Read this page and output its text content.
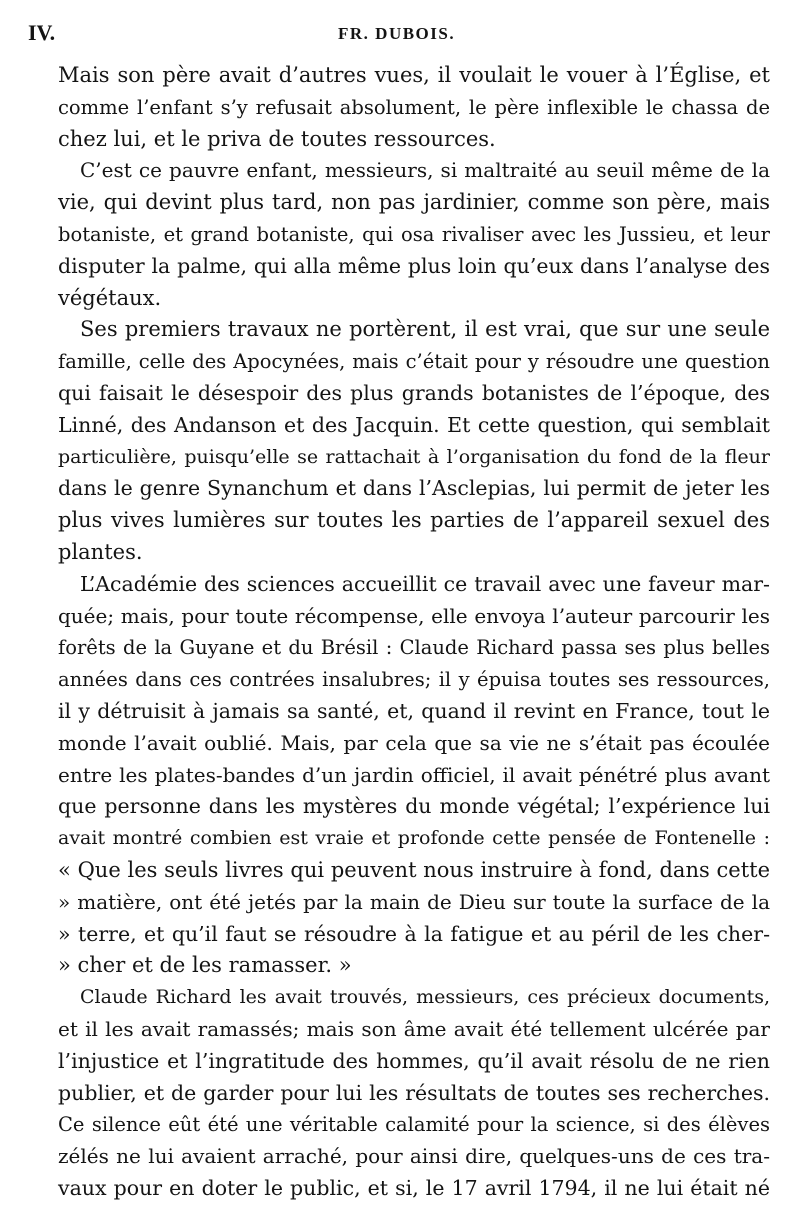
IV.	FR. DUBOIS.
Mais son père avait d’autres vues, il voulait le vouer à l’Église, et
comme l’enfant s’y refusait absolument, le père inflexible le chassa de
chez lui, et le priva de toutes ressources.
C’est ce pauvre enfant, messieurs, si maltraité au seuil même de la
vie, qui devint plus tard, non pas jardinier, comme son père, mais
botaniste, et grand botaniste, qui osa rivaliser avec les Jussieu, et leur
disputer la palme, qui alla même plus loin qu’eux dans l’analyse des
végétaux.
Ses premiers travaux ne portèrent, il est vrai, que sur une seule
famille, celle des Apocynées, mais c’était pour y résoudre une question
qui faisait le désespoir des plus grands botanistes de l’époque, des
Linné, des Andanson et des Jacquin. Et cette question, qui semblait
particulière, puisqu’elle se rattachait à l’organisation du fond de la fleur
dans le genre Synanchum et dans l’Asclepias, lui permit de jeter les
plus vives lumières sur toutes les parties de l’appareil sexuel des
plantes.
L’Académie des sciences accueillit ce travail avec une faveur mar-
quée; mais, pour toute récompense, elle envoya l’auteur parcourir les
forêts de la Guyane et du Brésil : Claude Richard passa ses plus belles
années dans ces contrées insalubres; il y épuisa toutes ses ressources,
il y détruisit à jamais sa santé, et, quand il revint en France, tout le
monde l’avait oublié. Mais, par cela que sa vie ne s’était pas écoulée
entre les plates-bandes d’un jardin officiel, il avait pénétré plus avant
que personne dans les mystères du monde végétal; l’expérience lui
avait montré combien est vraie et profonde cette pensée de Fontenelle :
« Que les seuls livres qui peuvent nous instruire à fond, dans cette
» matière, ont été jetés par la main de Dieu sur toute la surface de la
» terre, et qu’il faut se résoudre à la fatigue et au péril de les cher-
» cher et de les ramasser. »
Claude Richard les avait trouvés, messieurs, ces précieux documents,
et il les avait ramassés; mais son âme avait été tellement ulcérée par
l’injustice et l’ingratitude des hommes, qu’il avait résolu de ne rien
publier, et de garder pour lui les résultats de toutes ses recherches.
Ce silence eût été une véritable calamité pour la science, si des élèves
zélés ne lui avaient arraché, pour ainsi dire, quelques-uns de ces tra-
vaux pour en doter le public, et si, le 17 avril 1794, il ne lui était né
